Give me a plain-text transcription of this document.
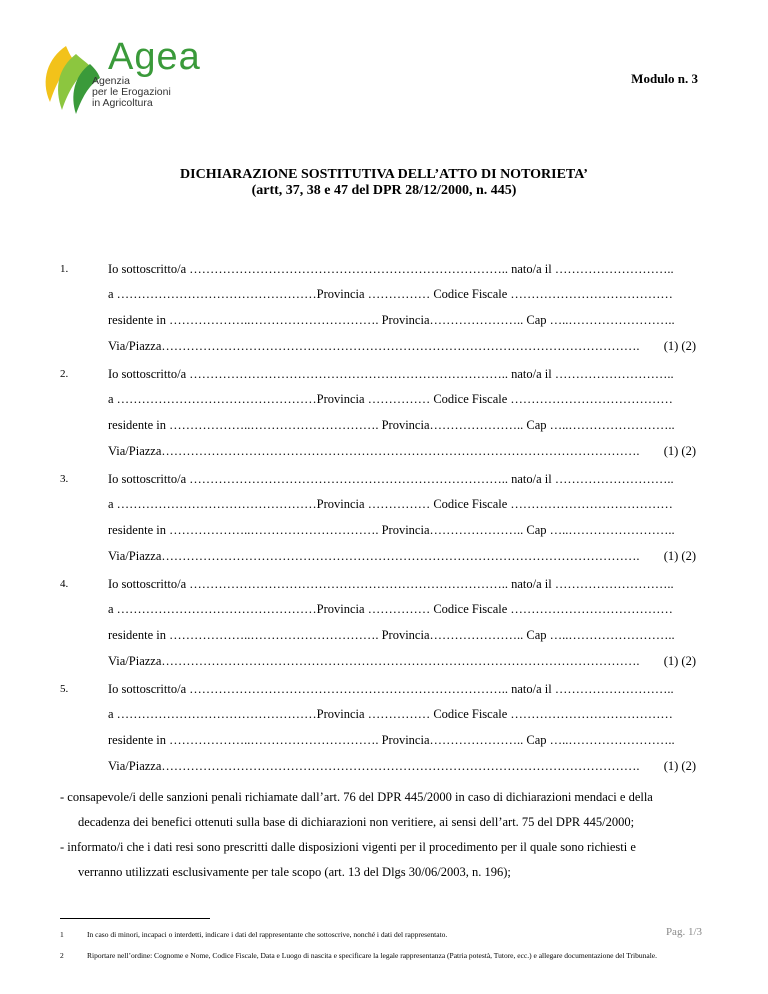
Agea
Agenzia
per le Erogazioni
in Agricoltura
Modulo n. 3
DICHIARAZIONE SOSTITUTIVA DELL’ATTO DI NOTORIETA’
(artt, 37, 38 e 47 del DPR 28/12/2000, n. 445)
1.	Io sottoscritto/a ………………………………………………………………….. nato/a il ………………………..
a …………………………………………Provincia …………… Codice Fiscale …………………………………
residente in ………………..…………………………. Provincia………………….. Cap …..……………………..
Via/Piazza…………………………………………………………………………………………………….	(1) (2)
2.	Io sottoscritto/a ………………………………………………………………….. nato/a il ………………………..
a …………………………………………Provincia …………… Codice Fiscale …………………………………
residente in ………………..…………………………. Provincia………………….. Cap …..……………………..
Via/Piazza…………………………………………………………………………………………………….	(1) (2)
3.	Io sottoscritto/a ………………………………………………………………….. nato/a il ………………………..
a …………………………………………Provincia …………… Codice Fiscale …………………………………
residente in ………………..…………………………. Provincia………………….. Cap …..……………………..
Via/Piazza…………………………………………………………………………………………………….	(1) (2)
4.	Io sottoscritto/a ………………………………………………………………….. nato/a il ………………………..
a …………………………………………Provincia …………… Codice Fiscale …………………………………
residente in ………………..…………………………. Provincia………………….. Cap …..……………………..
Via/Piazza…………………………………………………………………………………………………….	(1) (2)
5.	Io sottoscritto/a ………………………………………………………………….. nato/a il ………………………..
a …………………………………………Provincia …………… Codice Fiscale …………………………………
residente in ………………..…………………………. Provincia………………….. Cap …..……………………..
Via/Piazza…………………………………………………………………………………………………….	(1) (2)
- consapevole/i delle sanzioni penali richiamate dall’art. 76 del DPR 445/2000 in caso di dichiarazioni mendaci e della
decadenza dei benefici ottenuti sulla base di dichiarazioni non veritiere, ai sensi dell’art. 75 del DPR 445/2000;
- informato/i che i dati resi sono prescritti dalle disposizioni vigenti per il procedimento per il quale sono richiesti e
verranno utilizzati esclusivamente per tale scopo (art. 13 del Dlgs 30/06/2003, n. 196);
1	In caso di minori, incapaci o interdetti, indicare i dati del rappresentante che sottoscrive, nonché i dati del rappresentato.
2	Riportare nell’ordine: Cognome e Nome, Codice Fiscale, Data e Luogo di nascita e specificare la legale rappresentanza (Patria potestà, Tutore, ecc.) e allegare documentazione del Tribunale.
Pag. 1/3
